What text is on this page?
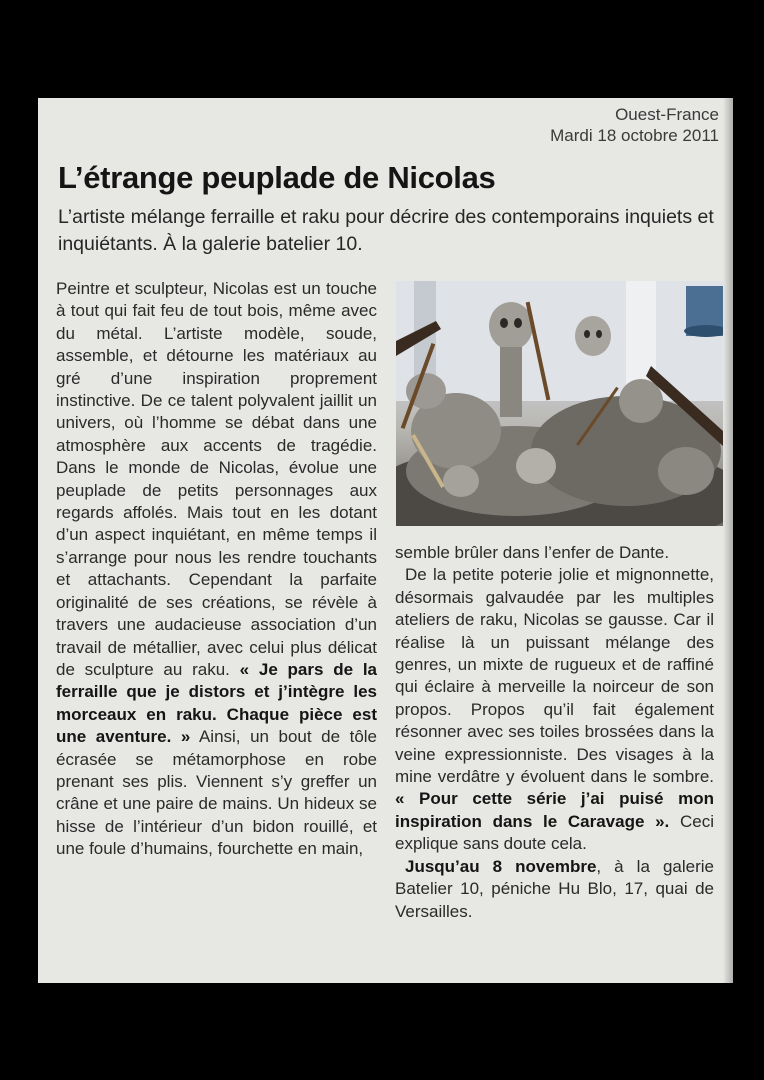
Ouest-France
Mardi 18 octobre 2011
L’étrange peuplade de Nicolas

L’artiste mélange ferraille et raku pour décrire des contemporains inquiets et inquiétants. À la galerie batelier 10.

Peintre et sculpteur, Nicolas est un touche à tout qui fait feu de tout bois, même avec du métal. L’artiste modèle, soude, assemble, et détourne les matériaux au gré d’une inspiration proprement instinctive. De ce talent polyvalent jaillit un univers, où l’homme se débat dans une atmosphère aux accents de tragédie. Dans le monde de Nicolas, évolue une peuplade de petits personnages aux regards affolés. Mais tout en les dotant d’un aspect inquiétant, en même temps il s’arrange pour nous les rendre touchants et attachants. Cependant la parfaite originalité de ses créations, se révèle à travers une audacieuse association d’un travail de métallier, avec celui plus délicat de sculpture au raku. « Je pars de la ferraille que je distors et j’intègre les morceaux en raku. Chaque pièce est une aventure. » Ainsi, un bout de tôle écrasée se métamorphose en robe prenant ses plis. Viennent s’y greffer un crâne et une paire de mains. Un hideux se hisse de l’intérieur d’un bidon rouillé, et une foule d’humains, fourchette en main,

semble brûler dans l’enfer de Dante.

De la petite poterie jolie et mignonnette, désormais galvaudée par les multiples ateliers de raku, Nicolas se gausse. Car il réalise là un puissant mélange des genres, un mixte de rugueux et de raffiné qui éclaire à merveille la noirceur de son propos. Propos qu’il fait également résonner avec ses toiles brossées dans la veine expressionniste. Des visages à la mine verdâtre y évoluent dans le sombre. « Pour cette série j’ai puisé mon inspiration dans le Caravage ». Ceci explique sans doute cela.

Jusqu’au 8 novembre, à la galerie Batelier 10, péniche Hu Blo, 17, quai de Versailles.
